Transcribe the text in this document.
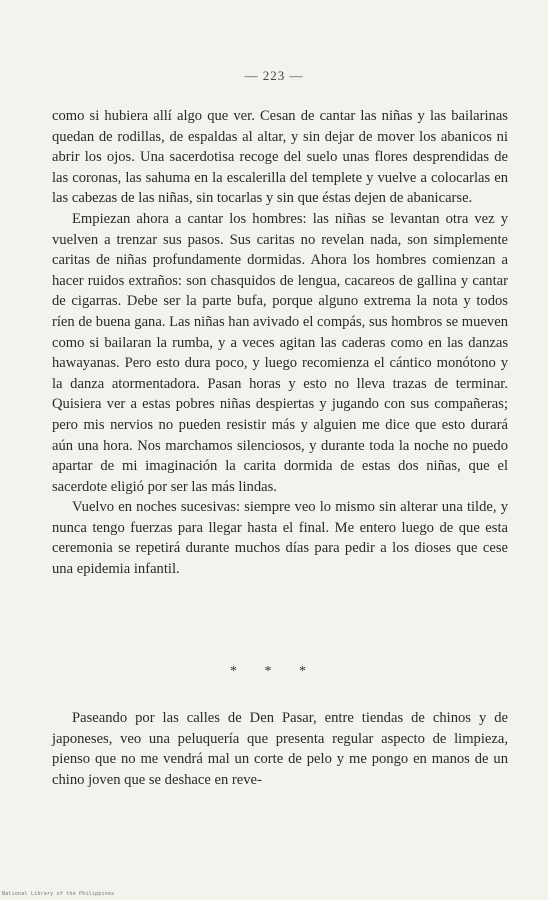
— 223 —

como si hubiera allí algo que ver. Cesan de cantar las niñas y las bailarinas quedan de rodillas, de espaldas al altar, y sin dejar de mover los abanicos ni abrir los ojos. Una sacerdotisa recoge del suelo unas flores desprendidas de las coronas, las sahuma en la escalerilla del templete y vuelve a colocarlas en las cabezas de las niñas, sin tocarlas y sin que éstas dejen de abanicarse.

Empiezan ahora a cantar los hombres: las niñas se levantan otra vez y vuelven a trenzar sus pasos. Sus caritas no revelan nada, son simplemente caritas de niñas profundamente dormidas. Ahora los hombres comienzan a hacer ruidos extraños: son chasquidos de lengua, cacareos de gallina y cantar de cigarras. Debe ser la parte bufa, porque alguno extrema la nota y todos ríen de buena gana. Las niñas han avivado el compás, sus hombros se mueven como si bailaran la rumba, y a veces agitan las caderas como en las danzas hawayanas. Pero esto dura poco, y luego recomienza el cántico monótono y la danza atormentadora. Pasan horas y esto no lleva trazas de terminar. Quisiera ver a estas pobres niñas despiertas y jugando con sus compañeras; pero mis nervios no pueden resistir más y alguien me dice que esto durará aún una hora. Nos marchamos silenciosos, y durante toda la noche no puedo apartar de mi imaginación la carita dormida de estas dos niñas, que el sacerdote eligió por ser las más lindas.

Vuelvo en noches sucesivas: siempre veo lo mismo sin alterar una tilde, y nunca tengo fuerzas para llegar hasta el final. Me entero luego de que esta ceremonia se repetirá durante muchos días para pedir a los dioses que cese una epidemia infantil.

* * *

Paseando por las calles de Den Pasar, entre tiendas de chinos y de japoneses, veo una peluquería que presenta regular aspecto de limpieza, pienso que no me vendrá mal un corte de pelo y me pongo en manos de un chino joven que se deshace en reve-

National Library of the Philippines
